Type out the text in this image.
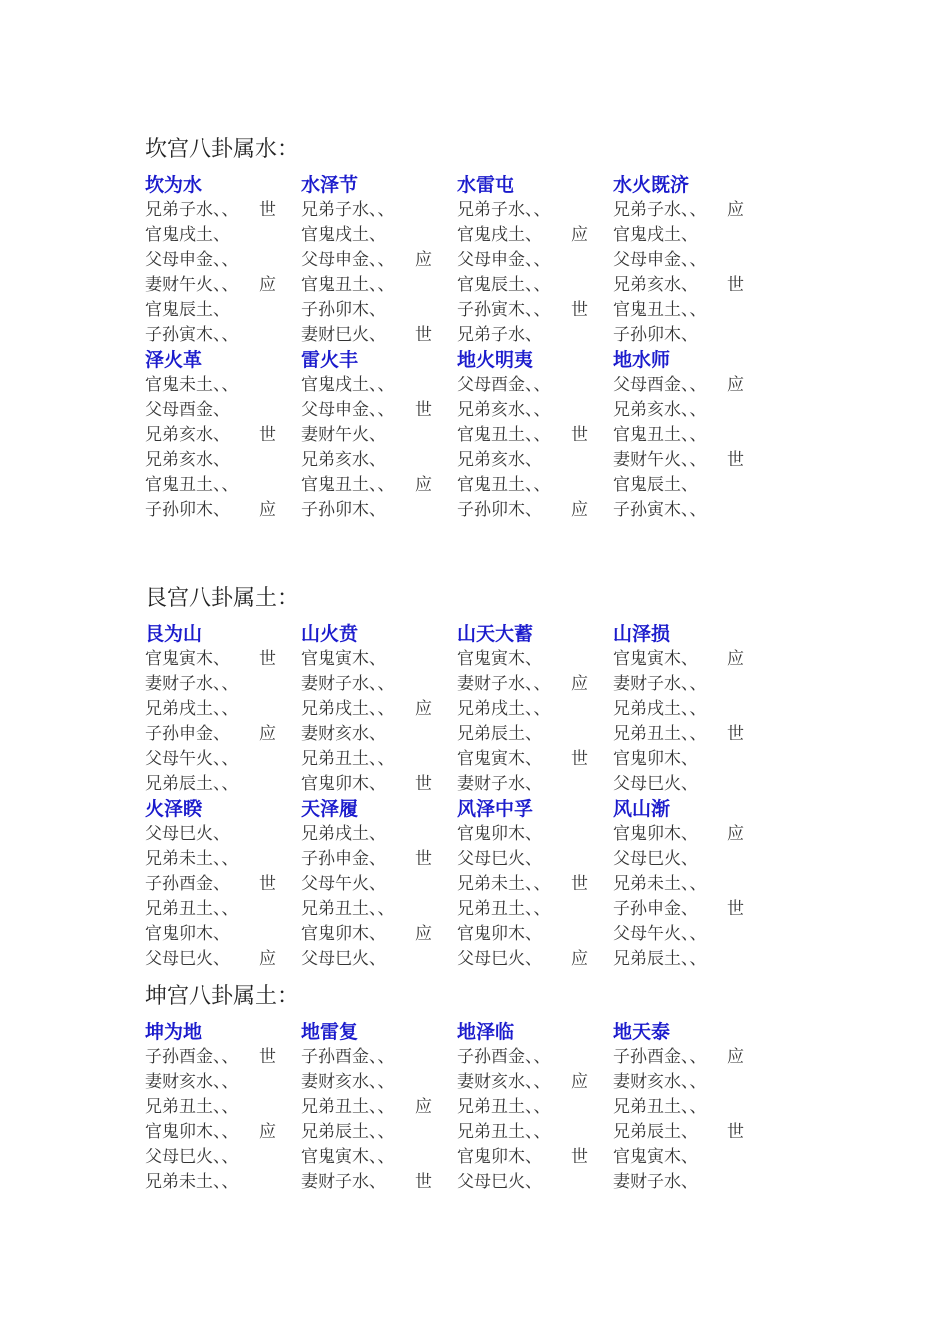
坎宫八卦属水：
坎为水
兄弟子水、、 世
官鬼戌土、
父母申金、、
妻财午火、、 应
官鬼辰土、
子孙寅木、、
水泽节
兄弟子水、、
官鬼戌土、
父母申金、、 应
官鬼丑土、、
子孙卯木、
妻财巳火、 世
水雷屯
兄弟子水、、
官鬼戌土、 应
父母申金、、
官鬼辰土、、
子孙寅木、、 世
兄弟子水、
水火既济
兄弟子水、、 应
官鬼戌土、
父母申金、、
兄弟亥水、 世
官鬼丑土、、
子孙卯木、
泽火革
官鬼未土、、
父母酉金、
兄弟亥水、 世
兄弟亥水、
官鬼丑土、、
子孙卯木、 应
雷火丰
官鬼戌土、、
父母申金、、 世
妻财午火、
兄弟亥水、
官鬼丑土、、 应
子孙卯木、
地火明夷
父母酉金、、
兄弟亥水、、
官鬼丑土、、 世
兄弟亥水、
官鬼丑土、、
子孙卯木、 应
地水师
父母酉金、、 应
兄弟亥水、、
官鬼丑土、、
妻财午火、、 世
官鬼辰土、
子孙寅木、、
艮宫八卦属土：
艮为山
官鬼寅木、 世
妻财子水、、
兄弟戌土、、
子孙申金、 应
父母午火、、
兄弟辰土、、
山火贲
官鬼寅木、
妻财子水、、
兄弟戌土、、 应
妻财亥水、
兄弟丑土、、
官鬼卯木、 世
山天大蓄
官鬼寅木、
妻财子水、、 应
兄弟戌土、、
兄弟辰土、
官鬼寅木、 世
妻财子水、
山泽损
官鬼寅木、 应
妻财子水、、
兄弟戌土、、
兄弟丑土、、 世
官鬼卯木、
父母巳火、
火泽睽
父母巳火、
兄弟未土、、
子孙酉金、 世
兄弟丑土、、
官鬼卯木、
父母巳火、 应
天泽履
兄弟戌土、
子孙申金、 世
父母午火、
兄弟丑土、、
官鬼卯木、 应
父母巳火、
风泽中孚
官鬼卯木、
父母巳火、
兄弟未土、、 世
兄弟丑土、、
官鬼卯木、
父母巳火、 应
风山渐
官鬼卯木、 应
父母巳火、
兄弟未土、、
子孙申金、 世
父母午火、、
兄弟辰土、、
坤宫八卦属土：
坤为地
子孙酉金、、 世
妻财亥水、、
兄弟丑土、、
官鬼卯木、、 应
父母巳火、、
兄弟未土、、
地雷复
子孙酉金、、
妻财亥水、、
兄弟丑土、、 应
兄弟辰土、、
官鬼寅木、、
妻财子水、 世
地泽临
子孙酉金、、
妻财亥水、、 应
兄弟丑土、、
兄弟丑土、、
官鬼卯木、 世
父母巳火、
地天泰
子孙酉金、、 应
妻财亥水、、
兄弟丑土、、
兄弟辰土、 世
官鬼寅木、
妻财子水、
